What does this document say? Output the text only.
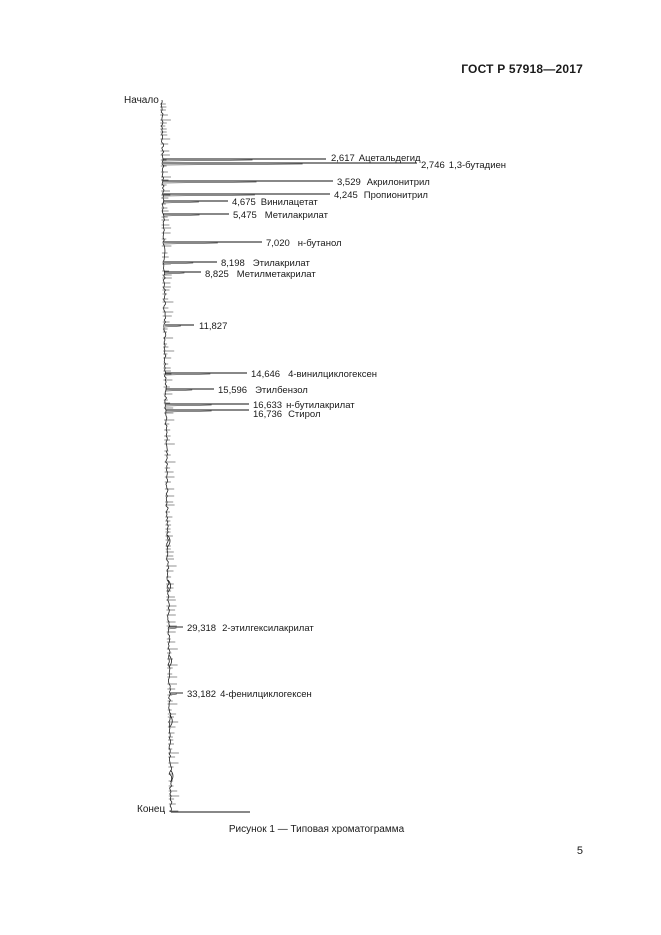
ГОСТ Р 57918—2017
Начало
Конец
2,617 Ацетальдегид
2,746 1,3-бутадиен
3,529 Акрилонитрил
4,245 Пропионитрил
4,675 Винилацетат
5,475 Метилакрилат
7,020 н-бутанол
8,198 Этилакрилат
8,825 Метилметакрилат
11,827
14,646 4-винилциклогексен
15,596 Этилбензол
16,633 н-бутилакрилат
16,736 Стирол
29,318 2-этилгексилакрилат
33,182 4-фенилциклогексен
Рисунок 1 — Типовая хроматограмма
5
